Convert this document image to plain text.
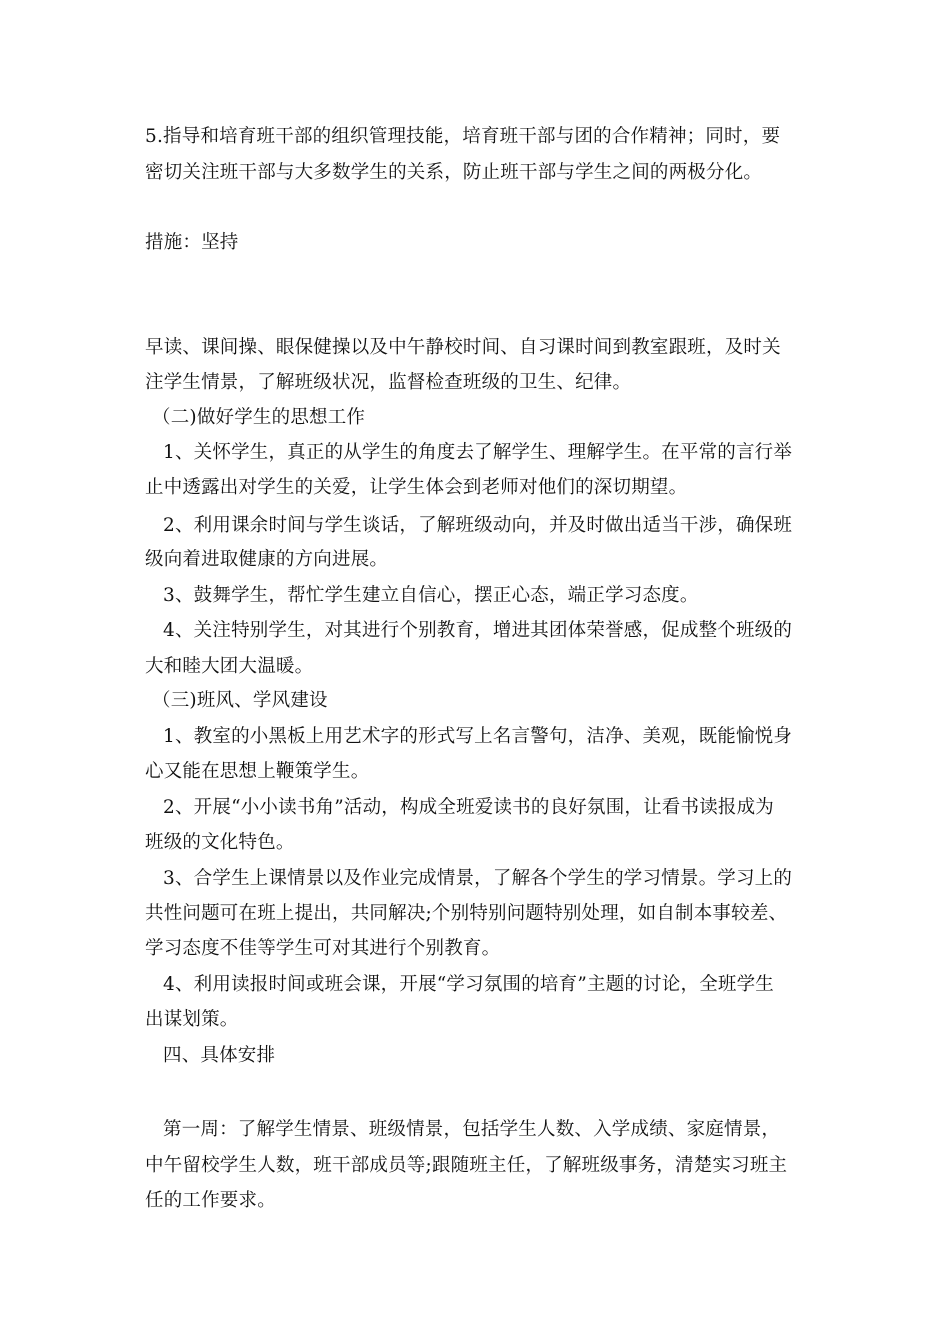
5.指导和培育班干部的组织管理技能，培育班干部与团的合作精神；同时，要
密切关注班干部与大多数学生的关系，防止班干部与学生之间的两极分化。
措施：坚持
早读、课间操、眼保健操以及中午静校时间、自习课时间到教室跟班，及时关
注学生情景，了解班级状况，监督检查班级的卫生、纪律。
（二)做好学生的思想工作
1、关怀学生，真正的从学生的角度去了解学生、理解学生。在平常的言行举
止中透露出对学生的关爱，让学生体会到老师对他们的深切期望。
2、利用课余时间与学生谈话，了解班级动向，并及时做出适当干涉，确保班
级向着进取健康的方向进展。
3、鼓舞学生，帮忙学生建立自信心，摆正心态，端正学习态度。
4、关注特别学生，对其进行个别教育，增进其团体荣誉感，促成整个班级的
大和睦大团大温暖。
（三)班风、学风建设
1、教室的小黑板上用艺术字的形式写上名言警句，洁净、美观，既能愉悦身
心又能在思想上鞭策学生。
2、开展“小小读书角”活动，构成全班爱读书的良好氛围，让看书读报成为
班级的文化特色。
3、合学生上课情景以及作业完成情景，了解各个学生的学习情景。学习上的
共性问题可在班上提出，共同解决;个别特别问题特别处理，如自制本事较差、
学习态度不佳等学生可对其进行个别教育。
4、利用读报时间或班会课，开展“学习氛围的培育”主题的讨论，全班学生
出谋划策。
四、具体安排
第一周：了解学生情景、班级情景，包括学生人数、入学成绩、家庭情景，
中午留校学生人数，班干部成员等;跟随班主任，了解班级事务，清楚实习班主
任的工作要求。
